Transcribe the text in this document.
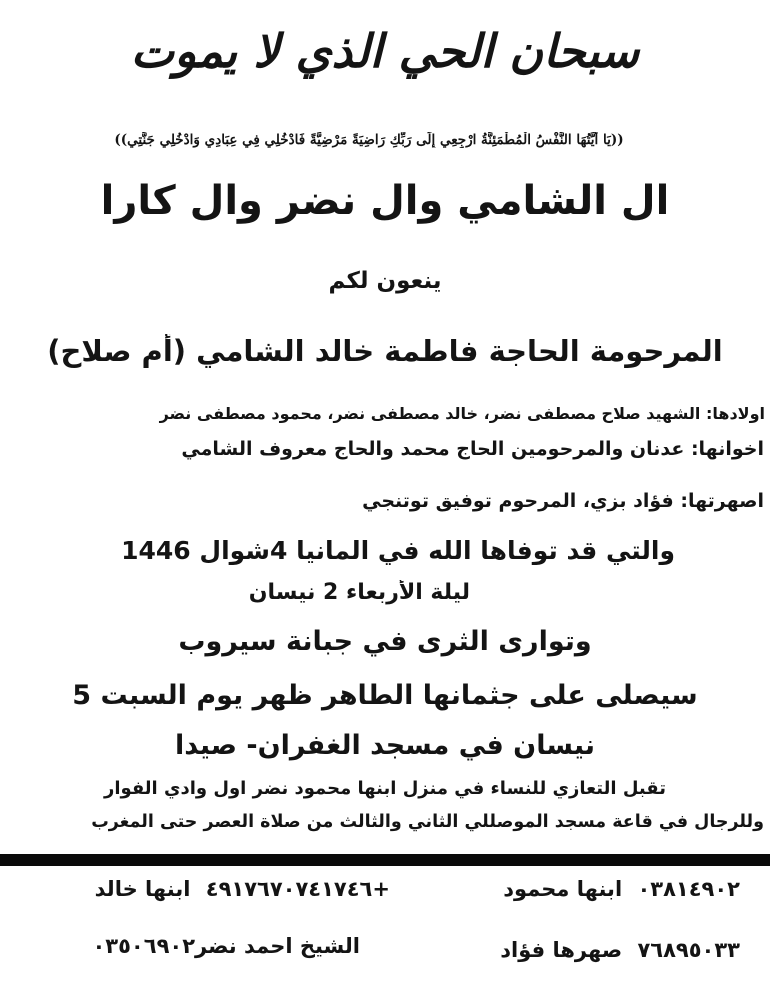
سبحان الحي الذي لا يموت
((يَا أَيَّتُهَا النَّفْسُ الْمُطْمَئِنَّةُ ارْجِعِي إِلَى رَبِّكِ رَاضِيَةً مَرْضِيَّةً فَادْخُلِي فِي عِبَادِي وَادْخُلِي جَنَّتِي))
ال الشامي وال نضر وال كارا
ينعون لكم
المرحومة الحاجة فاطمة خالد الشامي (أم صلاح)
اولادها: الشهيد صلاح مصطفى نضر، خالد مصطفى نضر، محمود مصطفى نضر
اخوانها: عدنان والمرحومين الحاج محمد والحاج معروف الشامي
اصهرتها: فؤاد بزي، المرحوم توفيق توتنجي
والتي قد توفاها الله في المانيا 4شوال 1446
ليلة الأربعاء 2 نيسان
وتوارى الثرى في جبانة سيروب
سيصلى على جثمانها الطاهر ظهر يوم السبت 5
نيسان في مسجد الغفران- صيدا
تقبل التعازي للنساء في منزل ابنها محمود نضر اول وادي الفوار
وللرجال في قاعة مسجد الموصللي الثاني والثالث من صلاة العصر حتى المغرب
٠٣٨١٤٩٠٢ ابنها محمود
+٤٩١٧٦٧٠٧٤١٧٤٦ ابنها خالد
٧٦٨٩٥٠٣٣ صهرها فؤاد
الشيخ احمد نضر٠٣٥٠٦٩٠٢
